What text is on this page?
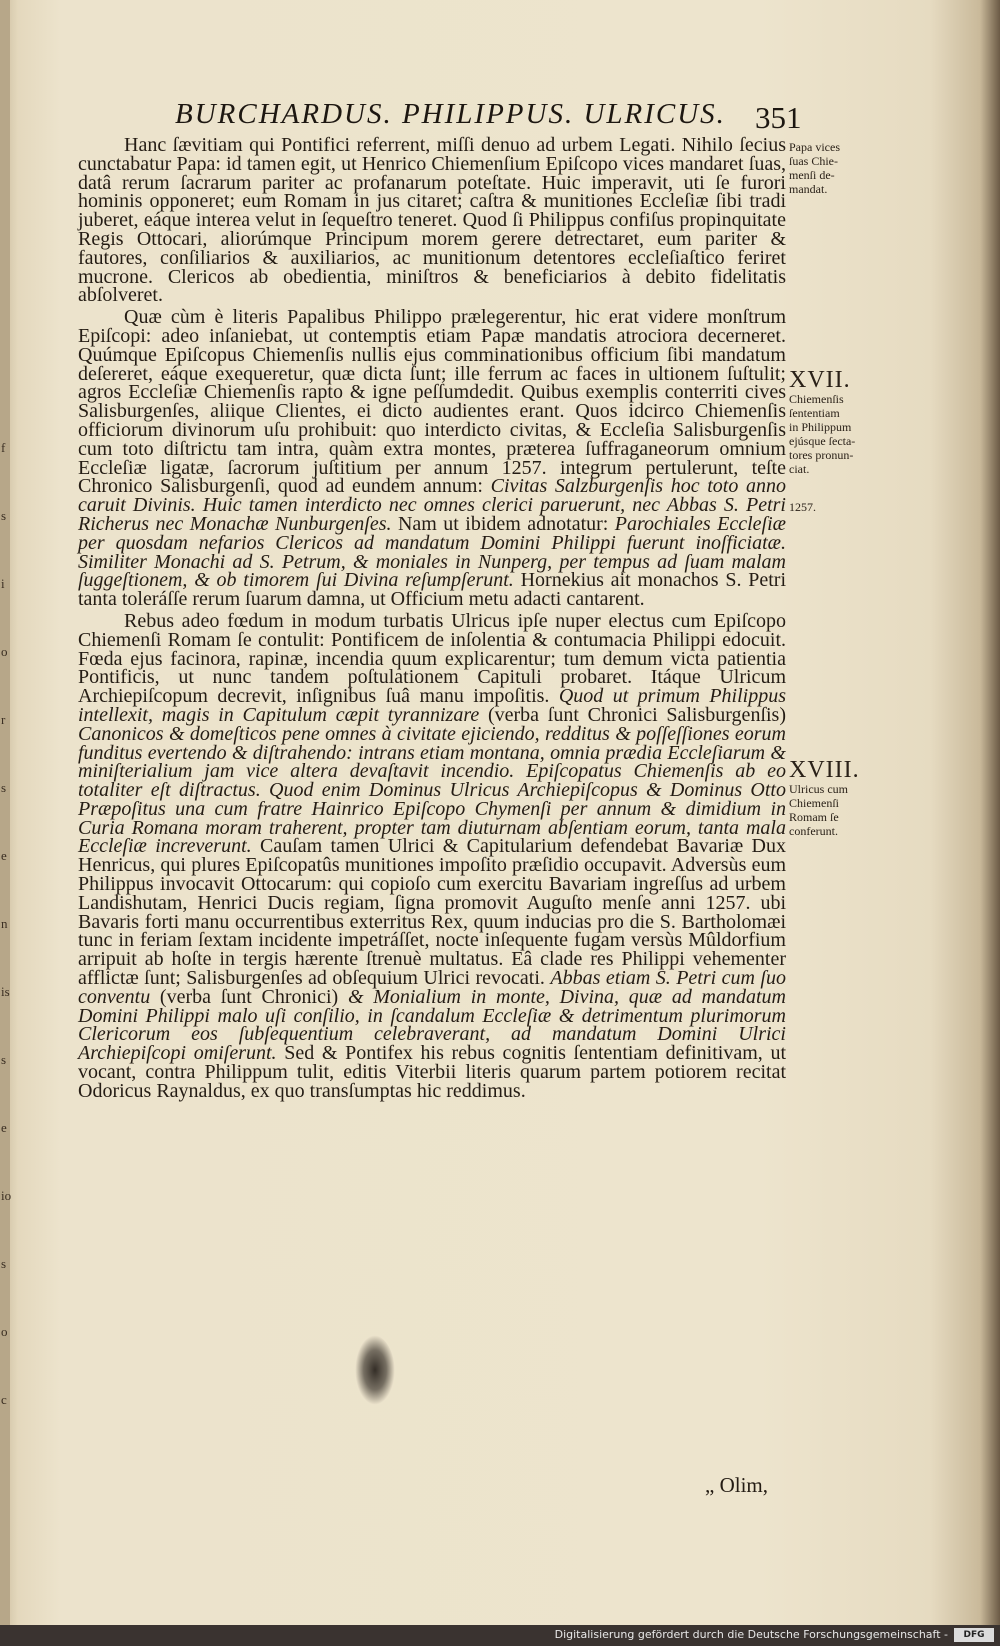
f
s
i
o
r
s
e
n
is
s
e
io
s
o
c
BURCHARDUS. PHILIPPUS. ULRICUS. 351

Hanc ſævitiam qui Pontifici referrent, miſſi denuo ad urbem Legati. Nihilo ſecius cunctabatur Papa: id tamen egit, ut Henrico Chiemenſium Epiſcopo vices mandaret ſuas, datâ rerum ſacrarum pariter ac profanarum poteſtate. Huic imperavit, uti ſe furori hominis opponeret; eum Romam in jus citaret; caſtra & munitiones Eccleſiæ ſibi tradi juberet, eáque interea velut in ſequeſtro teneret. Quod ſi Philippus confiſus propinquitate Regis Ottocari, aliorúmque Principum morem gerere detrectaret, eum pariter & fautores, conſiliarios & auxiliarios, ac munitionum detentores eccleſiaſtico feriret mucrone. Clericos ab obedientia, miniſtros & beneficiarios à debito fidelitatis abſolveret.

Quæ cùm è literis Papalibus Philippo prælegerentur, hic erat videre monſtrum Epiſcopi: adeo inſaniebat, ut contemptis etiam Papæ mandatis atrociora decerneret. Quúmque Epiſcopus Chiemenſis nullis ejus comminationibus officium ſibi mandatum deſereret, eáque exequeretur, quæ dicta ſunt; ille ferrum ac faces in ultionem ſuſtulit; agros Eccleſiæ Chiemenſis rapto & igne peſſumdedit. Quibus exemplis conterriti cives Salisburgenſes, aliique Clientes, ei dicto audientes erant. Quos idcirco Chiemenſis officiorum divinorum uſu prohibuit: quo interdicto civitas, & Eccleſia Salisburgenſis cum toto diſtrictu tam intra, quàm extra montes, præterea ſuffraganeorum omnium Eccleſiæ ligatæ, ſacrorum juſtitium per annum 1257. integrum pertulerunt, teſte Chronico Salisburgenſi, quod ad eundem annum: Civitas Salzburgenſis hoc toto anno caruit Divinis. Huic tamen interdicto nec omnes clerici paruerunt, nec Abbas S. Petri Richerus nec Monachæ Nunburgenſes. Nam ut ibidem adnotatur: Parochiales Eccleſiæ per quosdam nefarios Clericos ad mandatum Domini Philippi fuerunt inoſficiatæ. Similiter Monachi ad S. Petrum, & moniales in Nunperg, per tempus ad ſuam malam ſuggeſtionem, & ob timorem ſui Divina reſumpſerunt. Hornekius ait monachos S. Petri tanta toleráſſe rerum ſuarum damna, ut Officium metu adacti cantarent.

Rebus adeo fœdum in modum turbatis Ulricus ipſe nuper electus cum Epiſcopo Chiemenſi Romam ſe contulit: Pontificem de inſolentia & contumacia Philippi edocuit. Fœda ejus facinora, rapinæ, incendia quum explicarentur; tum demum victa patientia Pontificis, ut nunc tandem poſtulationem Capituli probaret. Itáque Ulricum Archiepiſcopum decrevit, inſignibus ſuâ manu impoſitis. Quod ut primum Philippus intellexit, magis in Capitulum cæpit tyrannizare (verba ſunt Chronici Salisburgenſis) Canonicos & domeſticos pene omnes à civitate ejiciendo, redditus & poſſeſſiones eorum funditus evertendo & diſtrahendo: intrans etiam montana, omnia prædia Eccleſiarum & miniſterialium jam vice altera devaſtavit incendio. Epiſcopatus Chiemenſis ab eo totaliter eſt diſtractus. Quod enim Dominus Ulricus Archiepiſcopus & Dominus Otto Præpoſitus una cum fratre Hainrico Epiſcopo Chymenſi per annum & dimidium in Curia Romana moram traherent, propter tam diuturnam abſentiam eorum, tanta mala Eccleſiæ increverunt. Cauſam tamen Ulrici & Capitularium defendebat Bavariæ Dux Henricus, qui plures Epiſcopatûs munitiones impoſito præſidio occupavit. Adversùs eum Philippus invocavit Ottocarum: qui copioſo cum exercitu Bavariam ingreſſus ad urbem Landishutam, Henrici Ducis regiam, ſigna promovit Auguſto menſe anni 1257. ubi Bavaris forti manu occurrentibus exterritus Rex, quum inducias pro die S. Bartholomæi tunc in feriam ſextam incidente impetráſſet, nocte inſequente fugam versùs Mûldorfium arripuit ab hoſte in tergis hærente ſtrenuè multatus. Eâ clade res Philippi vehementer afflictæ ſunt; Salisburgenſes ad obſequium Ulrici revocati. Abbas etiam S. Petri cum ſuo conventu (verba ſunt Chronici) & Monialium in monte, Divina, quæ ad mandatum Domini Philippi malo uſi conſilio, in ſcandalum Eccleſiæ & detrimentum plurimorum Clericorum eos ſubſequentium celebraverant, ad mandatum Domini Ulrici Archiepiſcopi omiſerunt. Sed & Pontifex his rebus cognitis ſententiam definitivam, ut vocant, contra Philippum tulit, editis Viterbii literis quarum partem potiorem recitat Odoricus Raynaldus, ex quo transſumptas hic reddimus.

Papa vices
ſuas Chie-
menſi de-
mandat.
XVII.
Chiemenſis
ſententiam
in Philippum
ejúsque ſecta-
tores pronun-
ciat.
1257.
XVIII.
Ulricus cum
Chiemenſi
Romam ſe
conferunt.
„ Olim,
Digitalisierung gefördert durch die Deutsche Forschungsgemeinschaft -	DFG
